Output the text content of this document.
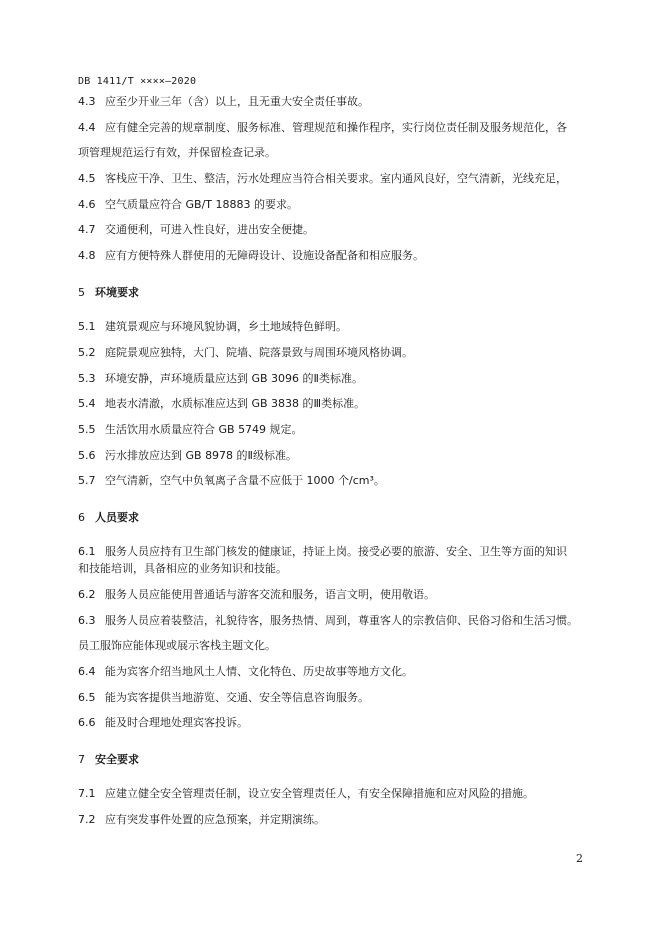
DB 1411/T ××××—2020
4.3 应至少开业三年（含）以上，且无重大安全责任事故。
4.4 应有健全完善的规章制度、服务标准、管理规范和操作程序，实行岗位责任制及服务规范化，各
项管理规范运行有效，并保留检查记录。
4.5 客栈应干净、卫生、整洁，污水处理应当符合相关要求。室内通风良好，空气清新，光线充足，
4.6 空气质量应符合 GB/T 18883 的要求。
4.7 交通便利，可进入性良好，进出安全便捷。
4.8 应有方便特殊人群使用的无障碍设计、设施设备配备和相应服务。
5 环境要求
5.1 建筑景观应与环境风貌协调，乡土地域特色鲜明。
5.2 庭院景观应独特，大门、院墙、院落景致与周围环境风格协调。
5.3 环境安静，声环境质量应达到 GB 3096 的Ⅱ类标准。
5.4 地表水清澈，水质标准应达到 GB 3838 的Ⅲ类标准。
5.5 生活饮用水质量应符合 GB 5749 规定。
5.6 污水排放应达到 GB 8978 的Ⅱ级标准。
5.7 空气清新，空气中负氧离子含量不应低于 1000 个/cm³。
6 人员要求
6.1 服务人员应持有卫生部门核发的健康证，持证上岗。接受必要的旅游、安全、卫生等方面的知识
和技能培训，具备相应的业务知识和技能。
6.2 服务人员应能使用普通话与游客交流和服务，语言文明，使用敬语。
6.3 服务人员应着装整洁，礼貌待客，服务热情、周到，尊重客人的宗教信仰、民俗习俗和生活习惯。
员工服饰应能体现或展示客栈主题文化。
6.4 能为宾客介绍当地风土人情、文化特色、历史故事等地方文化。
6.5 能为宾客提供当地游览、交通、安全等信息咨询服务。
6.6 能及时合理地处理宾客投诉。
7 安全要求
7.1 应建立健全安全管理责任制，设立安全管理责任人，有安全保障措施和应对风险的措施。
7.2 应有突发事件处置的应急预案，并定期演练。
2
